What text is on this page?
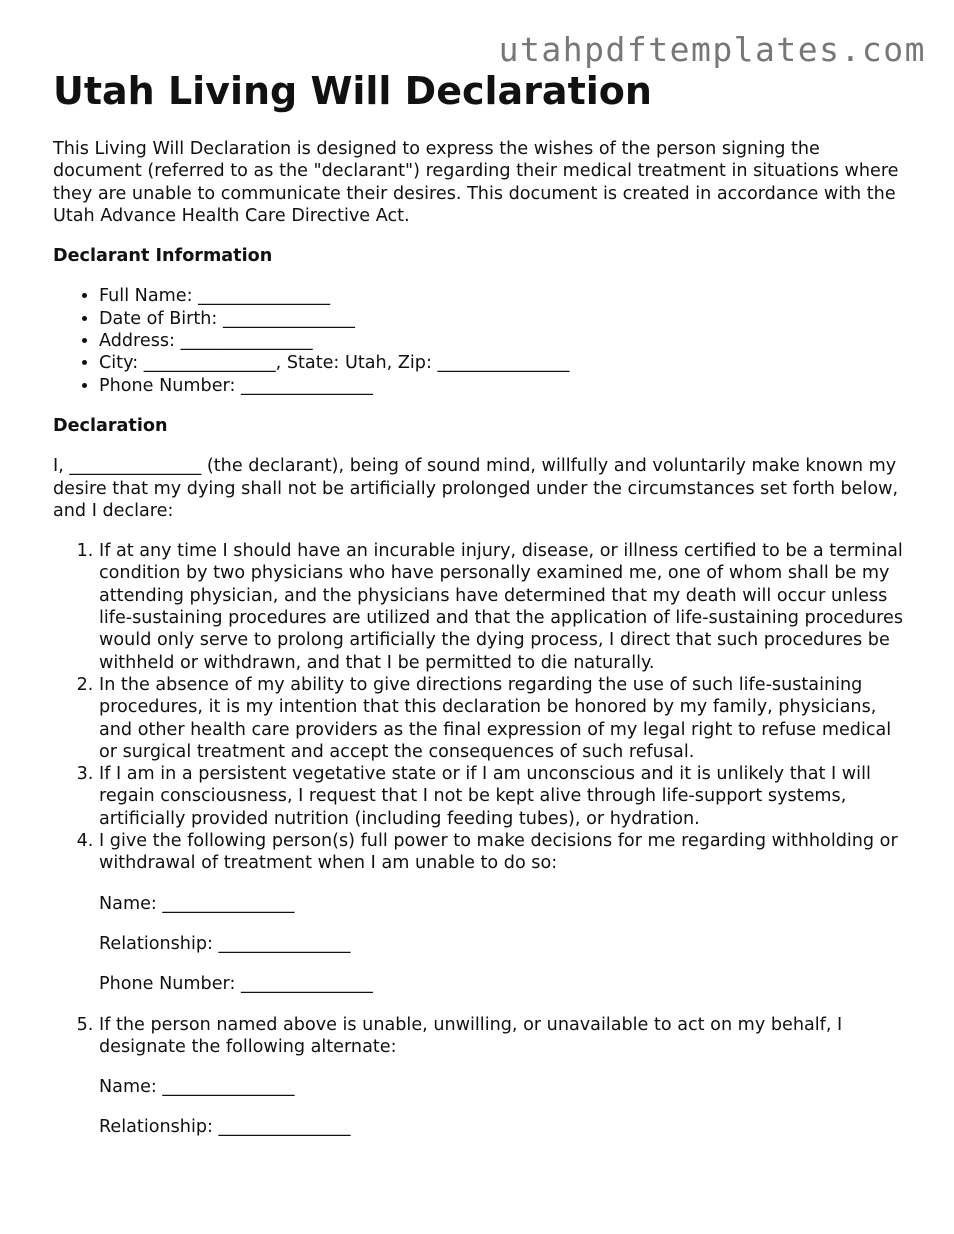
utahpdftemplates.com
Utah Living Will Declaration

This Living Will Declaration is designed to express the wishes of the person signing the document (referred to as the "declarant") regarding their medical treatment in situations where they are unable to communicate their desires. This document is created in accordance with the Utah Advance Health Care Directive Act.

Declarant Information
• Full Name: _______________
• Date of Birth: _______________
• Address: _______________
• City: _______________, State: Utah, Zip: _______________
• Phone Number: _______________
Declaration

I, _______________ (the declarant), being of sound mind, willfully and voluntarily make known my desire that my dying shall not be artificially prolonged under the circumstances set forth below, and I declare:

1. If at any time I should have an incurable injury, disease, or illness certified to be a terminal condition by two physicians who have personally examined me, one of whom shall be my attending physician, and the physicians have determined that my death will occur unless life-sustaining procedures are utilized and that the application of life-sustaining procedures would only serve to prolong artificially the dying process, I direct that such procedures be withheld or withdrawn, and that I be permitted to die naturally.
2. In the absence of my ability to give directions regarding the use of such life-sustaining procedures, it is my intention that this declaration be honored by my family, physicians, and other health care providers as the final expression of my legal right to refuse medical or surgical treatment and accept the consequences of such refusal.
3. If I am in a persistent vegetative state or if I am unconscious and it is unlikely that I will regain consciousness, I request that I not be kept alive through life-support systems, artificially provided nutrition (including feeding tubes), or hydration.
4. I give the following person(s) full power to make decisions for me regarding withholding or withdrawal of treatment when I am unable to do so:

Name: _______________

Relationship: _______________

Phone Number: _______________

5. If the person named above is unable, unwilling, or unavailable to act on my behalf, I designate the following alternate:

Name: _______________

Relationship: _______________
